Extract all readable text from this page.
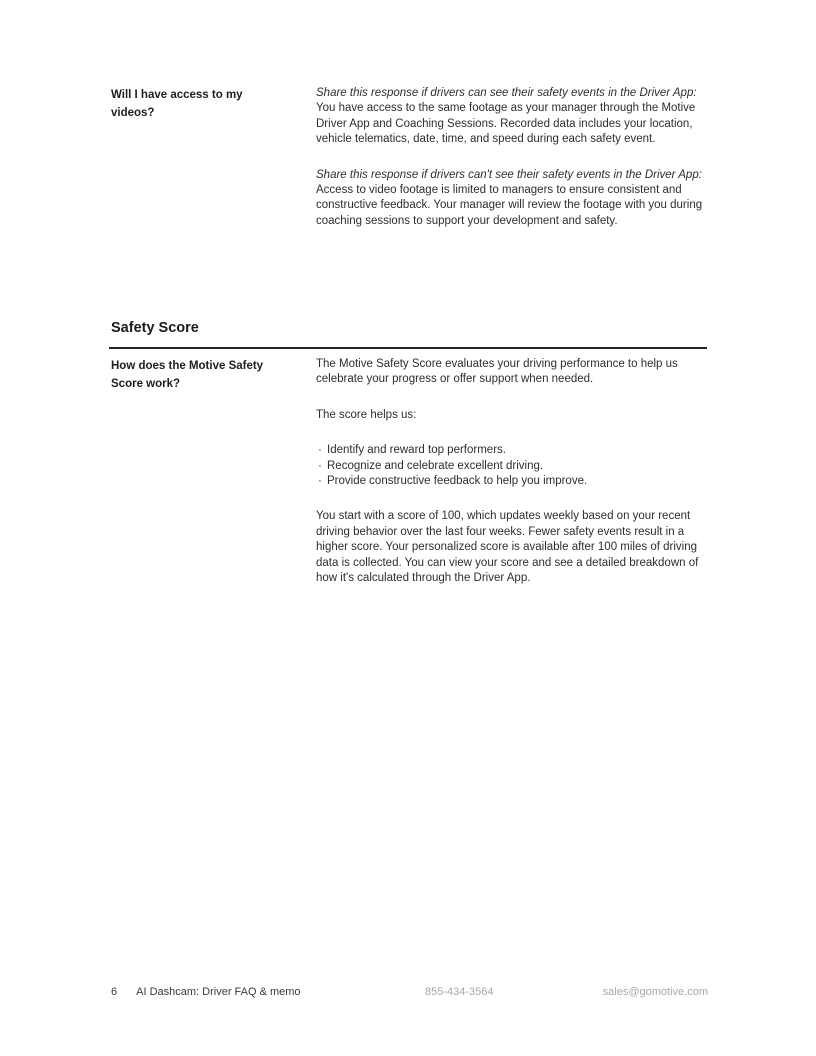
Will I have access to my videos?

Share this response if drivers can see their safety events in the Driver App: You have access to the same footage as your manager through the Motive Driver App and Coaching Sessions. Recorded data includes your location, vehicle telematics, date, time, and speed during each safety event.

Share this response if drivers can't see their safety events in the Driver App: Access to video footage is limited to managers to ensure consistent and constructive feedback. Your manager will review the footage with you during coaching sessions to support your development and safety.

Safety Score
How does the Motive Safety Score work?

The Motive Safety Score evaluates your driving performance to help us celebrate your progress or offer support when needed.

The score helps us:

· Identify and reward top performers.
· Recognize and celebrate excellent driving.
· Provide constructive feedback to help you improve.

You start with a score of 100, which updates weekly based on your recent driving behavior over the last four weeks. Fewer safety events result in a higher score. Your personalized score is available after 100 miles of driving data is collected. You can view your score and see a detailed breakdown of how it's calculated through the Driver App.

6 AI Dashcam: Driver FAQ & memo	855-434-3564	sales@gomotive.com
